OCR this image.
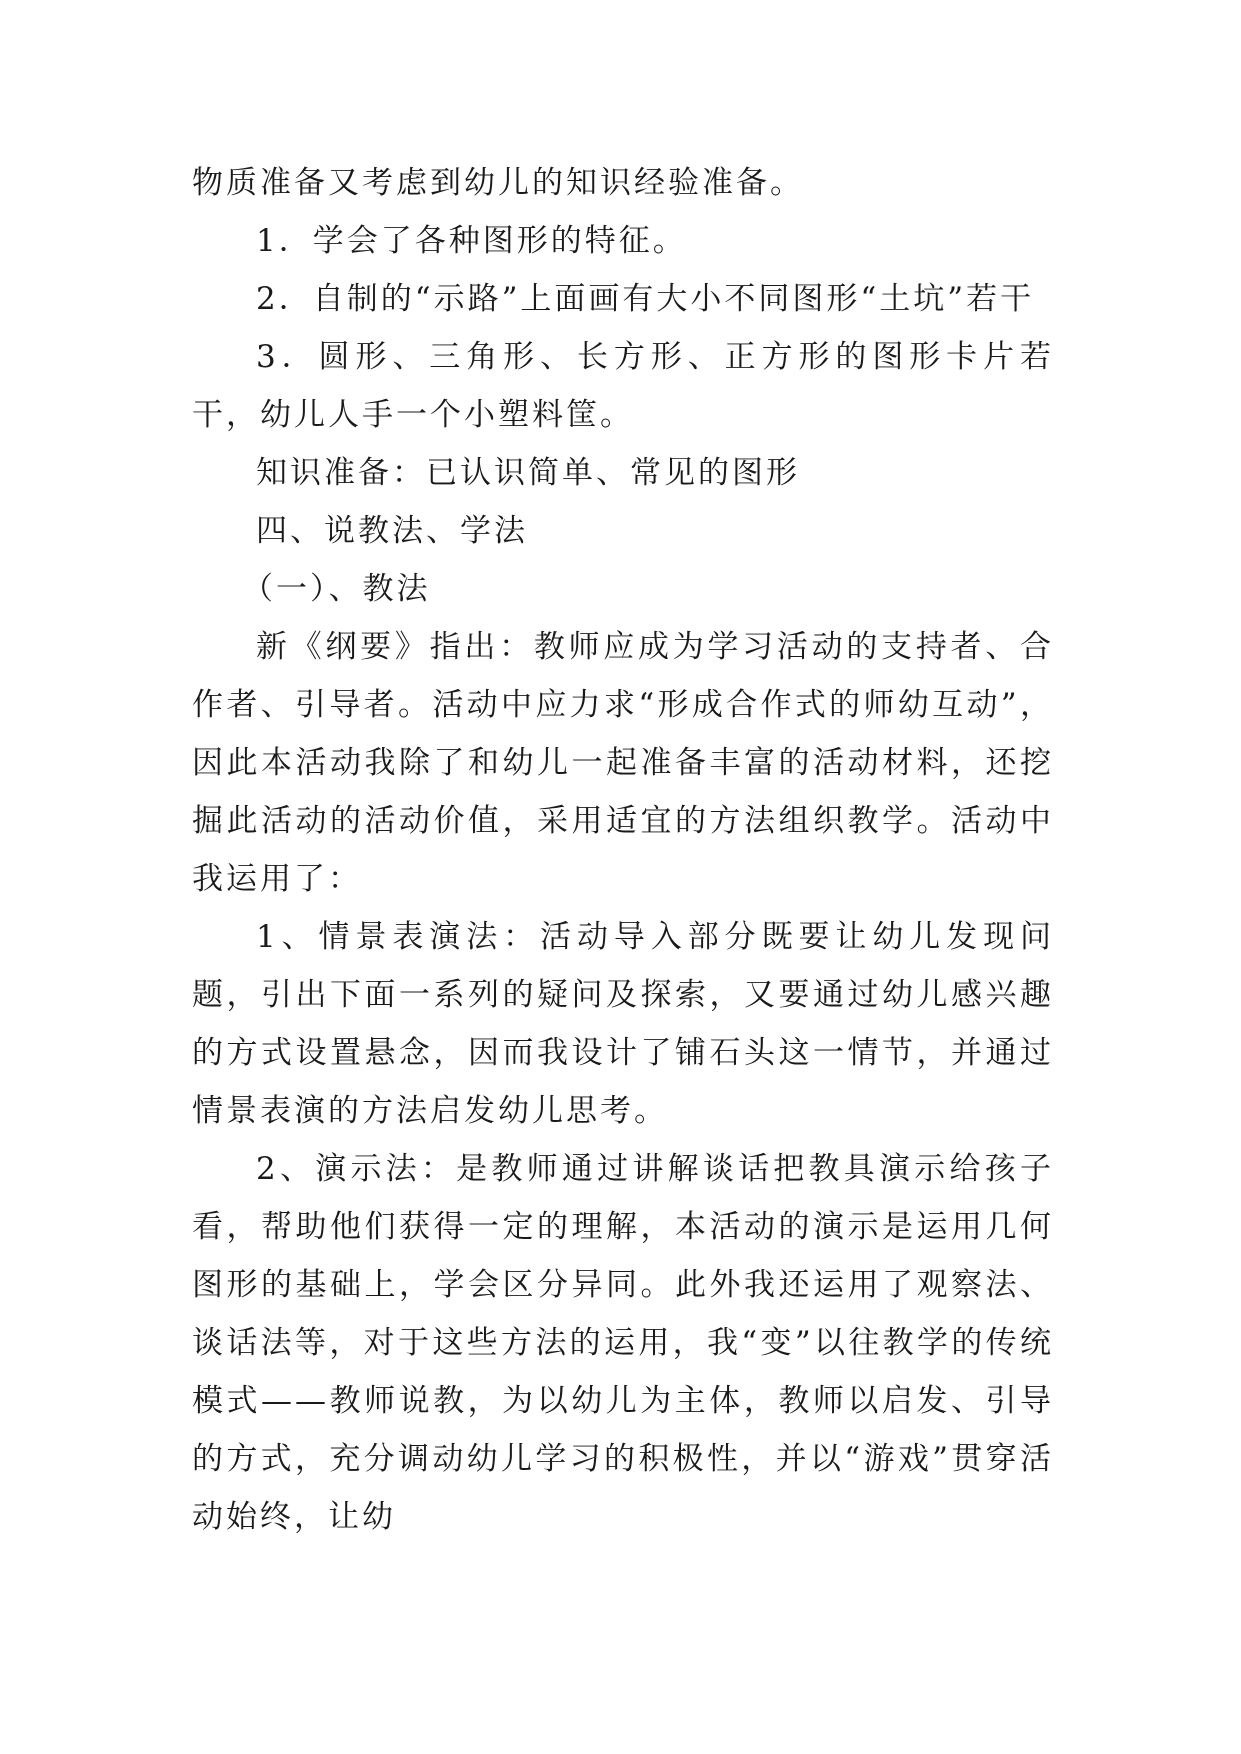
物质准备又考虑到幼儿的知识经验准备。

1．学会了各种图形的特征。

2．自制的“示路”上面画有大小不同图形“土坑”若干

3．圆形、三角形、长方形、正方形的图形卡片若干，幼儿人手一个小塑料筐。

知识准备：已认识简单、常见的图形

四、说教法、学法

（一）、教法

新《纲要》指出：教师应成为学习活动的支持者、合作者、引导者。活动中应力求“形成合作式的师幼互动”，因此本活动我除了和幼儿一起准备丰富的活动材料，还挖掘此活动的活动价值，采用适宜的方法组织教学。活动中我运用了：

1、情景表演法：活动导入部分既要让幼儿发现问题，引出下面一系列的疑问及探索，又要通过幼儿感兴趣的方式设置悬念，因而我设计了铺石头这一情节，并通过情景表演的方法启发幼儿思考。

2、演示法：是教师通过讲解谈话把教具演示给孩子看，帮助他们获得一定的理解，本活动的演示是运用几何图形的基础上，学会区分异同。此外我还运用了观察法、谈话法等，对于这些方法的运用，我“变”以往教学的传统模式——教师说教，为以幼儿为主体，教师以启发、引导的方式，充分调动幼儿学习的积极性，并以“游戏”贯穿活动始终，让幼
